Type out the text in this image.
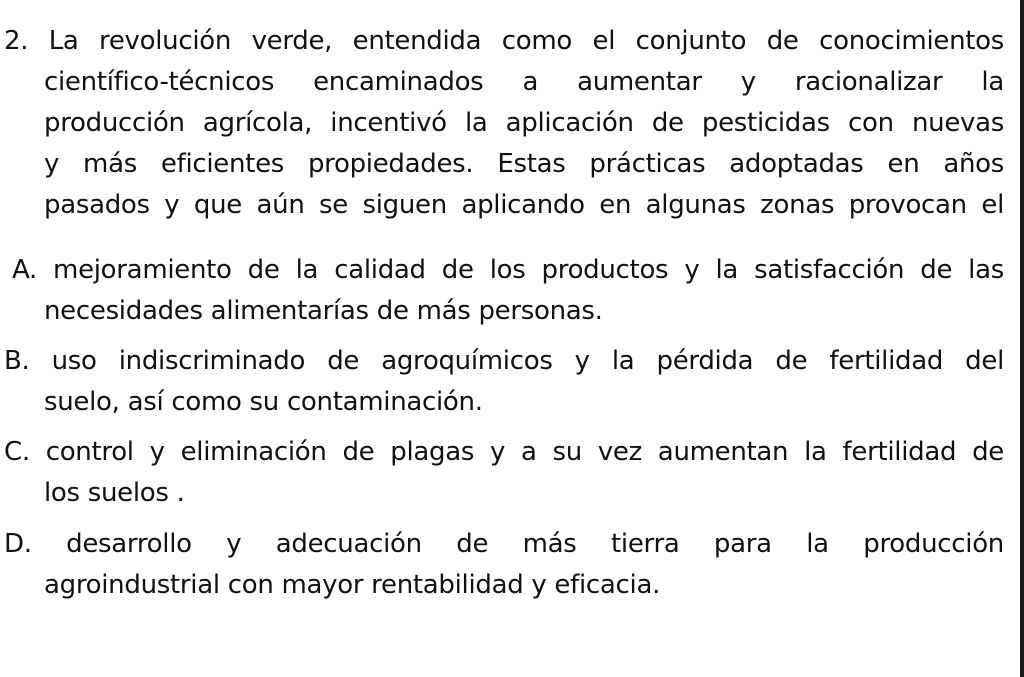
2. La revolución verde, entendida como el conjunto de conocimientos
científico-técnicos encaminados a aumentar y racionalizar la
producción agrícola, incentivó la aplicación de pesticidas con nuevas
y más eficientes propiedades. Estas prácticas adoptadas en años
pasados y que aún se siguen aplicando en algunas zonas provocan el
A. mejoramiento de la calidad de los productos y la satisfacción de las
necesidades alimentarías de más personas.
B. uso indiscriminado de agroquímicos y la pérdida de fertilidad del
suelo, así como su contaminación.
C. control y eliminación de plagas y a su vez aumentan la fertilidad de
los suelos .
D. desarrollo y adecuación de más tierra para la producción
agroindustrial con mayor rentabilidad y eficacia.
